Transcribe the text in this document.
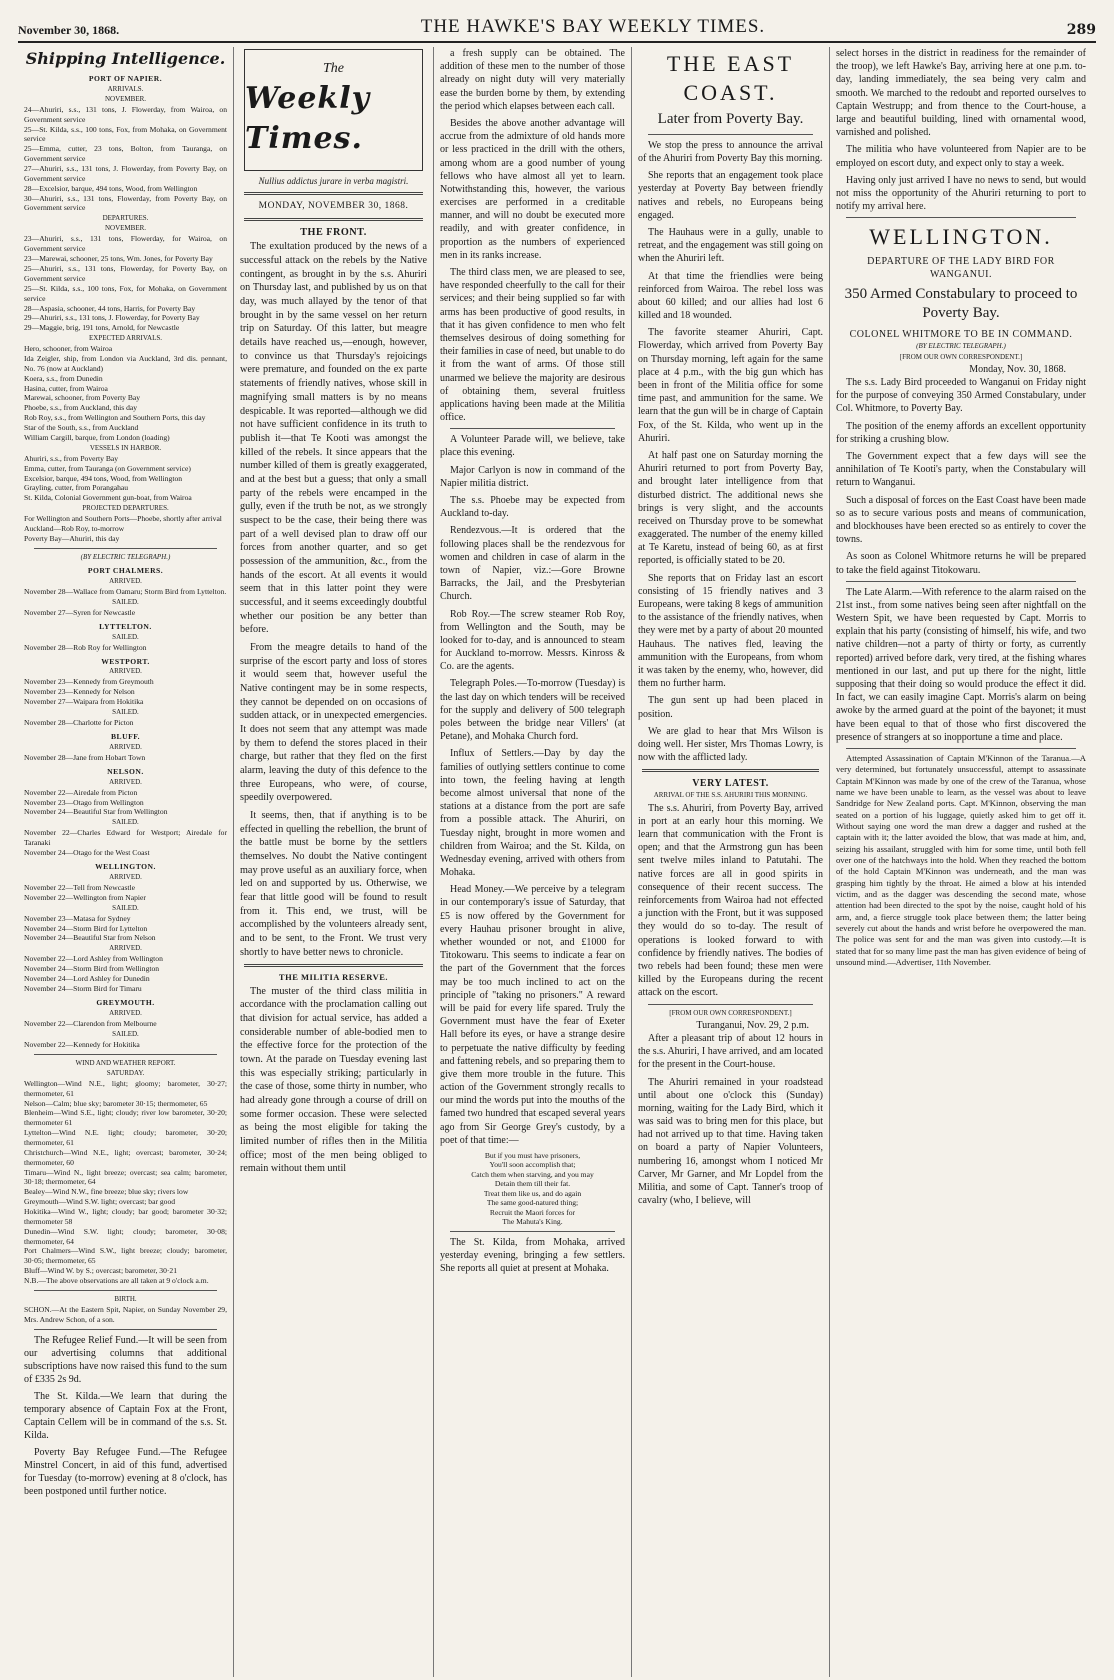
November 30, 1868.	THE HAWKE'S BAY WEEKLY TIMES.	289
Shipping Intelligence.
PORT OF NAPIER.
ARRIVALS.
NOVEMBER.
24—Ahuriri, s.s., 131 tons, J. Flowerday, from Wairoa, on Government service
25—St. Kilda, s.s., 100 tons, Fox, from Mohaka, on Government service
25—Emma, cutter, 23 tons, Bolton, from Tauranga, on Government service
27—Ahuriri, s.s., 131 tons, J. Flowerday, from Poverty Bay, on Government service
28—Excelsior, barque, 494 tons, Wood, from Wellington
30—Ahuriri, s.s., 131 tons, Flowerday, from Poverty Bay, on Government service
DEPARTURES.
NOVEMBER.
23—Ahuriri, s.s., 131 tons, Flowerday, for Wairoa, on Government service
23—Marewai, schooner, 25 tons, Wm. Jones, for Poverty Bay
25—Ahuriri, s.s., 131 tons, Flowerday, for Poverty Bay, on Government service
25—St. Kilda, s.s., 100 tons, Fox, for Mohaka, on Government service
28—Aspasia, schooner, 44 tons, Harris, for Poverty Bay
29—Ahuriri, s.s., 131 tons, J. Flowerday, for Poverty Bay
29—Maggie, brig, 191 tons, Arnold, for Newcastle
EXPECTED ARRIVALS.
Hero, schooner, from Wairoa
Ida Zeigler, ship, from London via Auckland, 3rd dis. pennant, No. 76 (now at Auckland)
Koera, s.s., from Dunedin
Hasina, cutter, from Wairoa
Marewai, schooner, from Poverty Bay
Phoebe, s.s., from Auckland, this day
Rob Roy, s.s., from Wellington and Southern Ports, this day
Star of the South, s.s., from Auckland
William Cargill, barque, from London (loading)
VESSELS IN HARBOR.
Ahuriri, s.s., from Poverty Bay
Emma, cutter, from Tauranga (on Government service)
Excelsior, barque, 494 tons, Wood, from Wellington
Grayling, cutter, from Porangahau
St. Kilda, Colonial Government gun-boat, from Wairoa
PROJECTED DEPARTURES.
For Wellington and Southern Ports—Phoebe, shortly after arrival
Auckland—Rob Roy, to-morrow
Poverty Bay—Ahuriri, this day
(BY ELECTRIC TELEGRAPH.)
PORT CHALMERS.
ARRIVED.
November 28—Wallace from Oamaru; Storm Bird from Lyttelton.
SAILED.
November 27—Syren for Newcastle
LYTTELTON.
SAILED.
November 28—Rob Roy for Wellington
WESTPORT.
ARRIVED.
November 23—Kennedy from Greymouth
November 23—Kennedy for Nelson
November 27—Waipara from Hokitika
SAILED.
November 28—Charlotte for Picton
BLUFF.
ARRIVED.
November 28—Jane from Hobart Town
NELSON.
ARRIVED.
November 22—Airedale from Picton
November 23—Otago from Wellington
November 24—Beautiful Star from Wellington
SAILED.
November 22—Charles Edward for Westport; Airedale for Taranaki
November 24—Otago for the West Coast
WELLINGTON.
ARRIVED.
November 22—Tell from Newcastle
November 22—Wellington from Napier
SAILED.
November 23—Matasa for Sydney
November 24—Storm Bird for Lyttelton
November 24—Beautiful Star from Nelson
ARRIVED.
November 22—Lord Ashley from Wellington
November 24—Storm Bird from Wellington
November 24—Lord Ashley for Dunedin
November 24—Storm Bird for Timaru
GREYMOUTH.
ARRIVED.
November 22—Clarendon from Melbourne
SAILED.
November 22—Kennedy for Hokitika
WIND AND WEATHER REPORT.
SATURDAY.
Wellington—Wind N.E., light; gloomy; barometer, 30·27; thermometer, 61
Nelson—Calm; blue sky; barometer 30·15; thermometer, 65
Blenheim—Wind S.E., light; cloudy; river low barometer, 30·20; thermometer 61
Lyttelton—Wind N.E. light; cloudy; barometer, 30·20; thermometer, 61
Christchurch—Wind N.E., light; overcast; barometer, 30·24; thermometer, 60
Timaru—Wind N., light breeze; overcast; sea calm; barometer, 30·18; thermometer, 64
Bealey—Wind N.W., fine breeze; blue sky; rivers low
Greymouth—Wind S.W. light; overcast; bar good
Hokitika—Wind W., light; cloudy; bar good; barometer 30·32; thermometer 58
Dunedin—Wind S.W. light; cloudy; barometer, 30·08; thermometer, 64
Port Chalmers—Wind S.W., light breeze; cloudy; barometer, 30·05; thermometer, 65
Bluff—Wind W. by S.; overcast; barometer, 30·21
N.B.—The above observations are all taken at 9 o'clock a.m.
BIRTH.
SCHON.—At the Eastern Spit, Napier, on Sunday November 29, Mrs. Andrew Schon, of a son.

The Refugee Relief Fund.—It will be seen from our advertising columns that additional subscriptions have now raised this fund to the sum of £335 2s 9d.

The St. Kilda.—We learn that during the temporary absence of Captain Fox at the Front, Captain Cellem will be in command of the s.s. St. Kilda.

Poverty Bay Refugee Fund.—The Refugee Minstrel Concert, in aid of this fund, advertised for Tuesday (to-morrow) evening at 8 o'clock, has been postponed until further notice.

The
Weekly Times.
Nullius addictus jurare in verba magistri.
MONDAY, NOVEMBER 30, 1868.
THE FRONT.

The exultation produced by the news of a successful attack on the rebels by the Native contingent, as brought in by the s.s. Ahuriri on Thursday last, and published by us on that day, was much allayed by the tenor of that brought in by the same vessel on her return trip on Saturday. Of this latter, but meagre details have reached us,—enough, however, to convince us that Thursday's rejoicings were premature, and founded on the ex parte statements of friendly natives, whose skill in magnifying small matters is by no means despicable. It was reported—although we did not have sufficient confidence in its truth to publish it—that Te Kooti was amongst the killed of the rebels. It since appears that the number killed of them is greatly exaggerated, and at the best but a guess; that only a small party of the rebels were encamped in the gully, even if the truth be not, as we strongly suspect to be the case, their being there was part of a well devised plan to draw off our forces from another quarter, and so get possession of the ammunition, &c., from the hands of the escort. At all events it would seem that in this latter point they were successful, and it seems exceedingly doubtful whether our position be any better than before.

From the meagre details to hand of the surprise of the escort party and loss of stores it would seem that, however useful the Native contingent may be in some respects, they cannot be depended on on occasions of sudden attack, or in unexpected emergencies. It does not seem that any attempt was made by them to defend the stores placed in their charge, but rather that they fled on the first alarm, leaving the duty of this defence to the three Europeans, who were, of course, speedily overpowered.

It seems, then, that if anything is to be effected in quelling the rebellion, the brunt of the battle must be borne by the settlers themselves. No doubt the Native contingent may prove useful as an auxiliary force, when led on and supported by us. Otherwise, we fear that little good will be found to result from it. This end, we trust, will be accomplished by the volunteers already sent, and to be sent, to the Front. We trust very shortly to have better news to chronicle.

THE MILITIA RESERVE.

The muster of the third class militia in accordance with the proclamation calling out that division for actual service, has added a considerable number of able-bodied men to the effective force for the protection of the town. At the parade on Tuesday evening last this was especially striking; particularly in the case of those, some thirty in number, who had already gone through a course of drill on some former occasion. These were selected as being the most eligible for taking the limited number of rifles then in the Militia office; most of the men being obliged to remain without them until

a fresh supply can be obtained. The addition of these men to the number of those already on night duty will very materially ease the burden borne by them, by extending the period which elapses between each call.

Besides the above another advantage will accrue from the admixture of old hands more or less practiced in the drill with the others, among whom are a good number of young fellows who have almost all yet to learn. Notwithstanding this, however, the various exercises are performed in a creditable manner, and will no doubt be executed more readily, and with greater confidence, in proportion as the numbers of experienced men in its ranks increase.

The third class men, we are pleased to see, have responded cheerfully to the call for their services; and their being supplied so far with arms has been productive of good results, in that it has given confidence to men who felt themselves desirous of doing something for their families in case of need, but unable to do it from the want of arms. Of those still unarmed we believe the majority are desirous of obtaining them, several fruitless applications having been made at the Militia office.

A Volunteer Parade will, we believe, take place this evening.

Major Carlyon is now in command of the Napier militia district.

The s.s. Phoebe may be expected from Auckland to-day.

Rendezvous.—It is ordered that the following places shall be the rendezvous for women and children in case of alarm in the town of Napier, viz.:—Gore Browne Barracks, the Jail, and the Presbyterian Church.

Rob Roy.—The screw steamer Rob Roy, from Wellington and the South, may be looked for to-day, and is announced to steam for Auckland to-morrow. Messrs. Kinross & Co. are the agents.

Telegraph Poles.—To-morrow (Tuesday) is the last day on which tenders will be received for the supply and delivery of 500 telegraph poles between the bridge near Villers' (at Petane), and Mohaka Church ford.

Influx of Settlers.—Day by day the families of outlying settlers continue to come into town, the feeling having at length become almost universal that none of the stations at a distance from the port are safe from a possible attack. The Ahuriri, on Tuesday night, brought in more women and children from Wairoa; and the St. Kilda, on Wednesday evening, arrived with others from Mohaka.

Head Money.—We perceive by a telegram in our contemporary's issue of Saturday, that £5 is now offered by the Government for every Hauhau prisoner brought in alive, whether wounded or not, and £1000 for Titokowaru. This seems to indicate a fear on the part of the Government that the forces may be too much inclined to act on the principle of "taking no prisoners." A reward will be paid for every life spared. Truly the Government must have the fear of Exeter Hall before its eyes, or have a strange desire to perpetuate the native difficulty by feeding and fattening rebels, and so preparing them to give them more trouble in the future. This action of the Government strongly recalls to our mind the words put into the mouths of the famed two hundred that escaped several years ago from Sir George Grey's custody, by a poet of that time:—

But if you must have prisoners,
You'll soon accomplish that;
Catch them when starving, and you may
Detain them till their fat.
Treat them like us, and do again
The same good-natured thing;
Recruit the Maori forces for
The Mahuta's King.

The St. Kilda, from Mohaka, arrived yesterday evening, bringing a few settlers. She reports all quiet at present at Mohaka.

THE EAST COAST.
Later from Poverty Bay.

We stop the press to announce the arrival of the Ahuriri from Poverty Bay this morning.

She reports that an engagement took place yesterday at Poverty Bay between friendly natives and rebels, no Europeans being engaged.

The Hauhaus were in a gully, unable to retreat, and the engagement was still going on when the Ahuriri left.

At that time the friendlies were being reinforced from Wairoa. The rebel loss was about 60 killed; and our allies had lost 6 killed and 18 wounded.

The favorite steamer Ahuriri, Capt. Flowerday, which arrived from Poverty Bay on Thursday morning, left again for the same place at 4 p.m., with the big gun which has been in front of the Militia office for some time past, and ammunition for the same. We learn that the gun will be in charge of Captain Fox, of the St. Kilda, who went up in the Ahuriri.

At half past one on Saturday morning the Ahuriri returned to port from Poverty Bay, and brought later intelligence from that disturbed district. The additional news she brings is very slight, and the accounts received on Thursday prove to be somewhat exaggerated. The number of the enemy killed at Te Karetu, instead of being 60, as at first reported, is officially stated to be 20.

She reports that on Friday last an escort consisting of 15 friendly natives and 3 Europeans, were taking 8 kegs of ammunition to the assistance of the friendly natives, when they were met by a party of about 20 mounted Hauhaus. The natives fled, leaving the ammunition with the Europeans, from whom it was taken by the enemy, who, however, did them no further harm.

The gun sent up had been placed in position.

We are glad to hear that Mrs Wilson is doing well. Her sister, Mrs Thomas Lowry, is now with the afflicted lady.

VERY LATEST.
ARRIVAL OF THE S.S. AHURIRI THIS MORNING.

The s.s. Ahuriri, from Poverty Bay, arrived in port at an early hour this morning. We learn that communication with the Front is open; and that the Armstrong gun has been sent twelve miles inland to Patutahi. The native forces are all in good spirits in consequence of their recent success. The reinforcements from Wairoa had not effected a junction with the Front, but it was supposed they would do so to-day. The result of operations is looked forward to with confidence by friendly natives. The bodies of two rebels had been found; these men were killed by the Europeans during the recent attack on the escort.

[FROM OUR OWN CORRESPONDENT.]
Turanganui, Nov. 29, 2 p.m.

After a pleasant trip of about 12 hours in the s.s. Ahuriri, I have arrived, and am located for the present in the Court-house.

The Ahuriri remained in your roadstead until about one o'clock this (Sunday) morning, waiting for the Lady Bird, which it was said was to bring men for this place, but had not arrived up to that time. Having taken on board a party of Napier Volunteers, numbering 16, amongst whom I noticed Mr Carver, Mr Garner, and Mr Lopdel from the Militia, and some of Capt. Tanner's troop of cavalry (who, I believe, will

select horses in the district in readiness for the remainder of the troop), we left Hawke's Bay, arriving here at one p.m. to-day, landing immediately, the sea being very calm and smooth. We marched to the redoubt and reported ourselves to Captain Westrupp; and from thence to the Court-house, a large and beautiful building, lined with ornamental wood, varnished and polished.

The militia who have volunteered from Napier are to be employed on escort duty, and expect only to stay a week.

Having only just arrived I have no news to send, but would not miss the opportunity of the Ahuriri returning to port to notify my arrival here.

WELLINGTON.
DEPARTURE OF THE LADY BIRD FOR WANGANUI.
350 Armed Constabulary to proceed to Poverty Bay.
COLONEL WHITMORE TO BE IN COMMAND.
(BY ELECTRIC TELEGRAPH.)
[FROM OUR OWN CORRESPONDENT.]
Monday, Nov. 30, 1868.

The s.s. Lady Bird proceeded to Wanganui on Friday night for the purpose of conveying 350 Armed Constabulary, under Col. Whitmore, to Poverty Bay.

The position of the enemy affords an excellent opportunity for striking a crushing blow.

The Government expect that a few days will see the annihilation of Te Kooti's party, when the Constabulary will return to Wanganui.

Such a disposal of forces on the East Coast have been made so as to secure various posts and means of communication, and blockhouses have been erected so as entirely to cover the towns.

As soon as Colonel Whitmore returns he will be prepared to take the field against Titokowaru.

The Late Alarm.—With reference to the alarm raised on the 21st inst., from some natives being seen after nightfall on the Western Spit, we have been requested by Capt. Morris to explain that his party (consisting of himself, his wife, and two native children—not a party of thirty or forty, as currently reported) arrived before dark, very tired, at the fishing whares mentioned in our last, and put up there for the night, little supposing that their doing so would produce the effect it did. In fact, we can easily imagine Capt. Morris's alarm on being awoke by the armed guard at the point of the bayonet; it must have been equal to that of those who first discovered the presence of strangers at so inopportune a time and place.

Attempted Assassination of Captain M'Kinnon of the Taranua.—A very determined, but fortunately unsuccessful, attempt to assassinate Captain M'Kinnon was made by one of the crew of the Taranua, whose name we have been unable to learn, as the vessel was about to leave Sandridge for New Zealand ports. Capt. M'Kinnon, observing the man seated on a portion of his luggage, quietly asked him to get off it. Without saying one word the man drew a dagger and rushed at the captain with it; the latter avoided the blow, that was made at him, and, seizing his assailant, struggled with him for some time, until both fell over one of the hatchways into the hold. When they reached the bottom of the hold Captain M'Kinnon was underneath, and the man was grasping him tightly by the throat. He aimed a blow at his intended victim, and as the dagger was descending the second mate, whose attention had been directed to the spot by the noise, caught hold of his arm, and, a fierce struggle took place between them; the latter being severely cut about the hands and wrist before he overpowered the man. The police was sent for and the man was given into custody.—It is stated that for so many lime past the man has given evidence of being of unsound mind.—Advertiser, 11th November.
